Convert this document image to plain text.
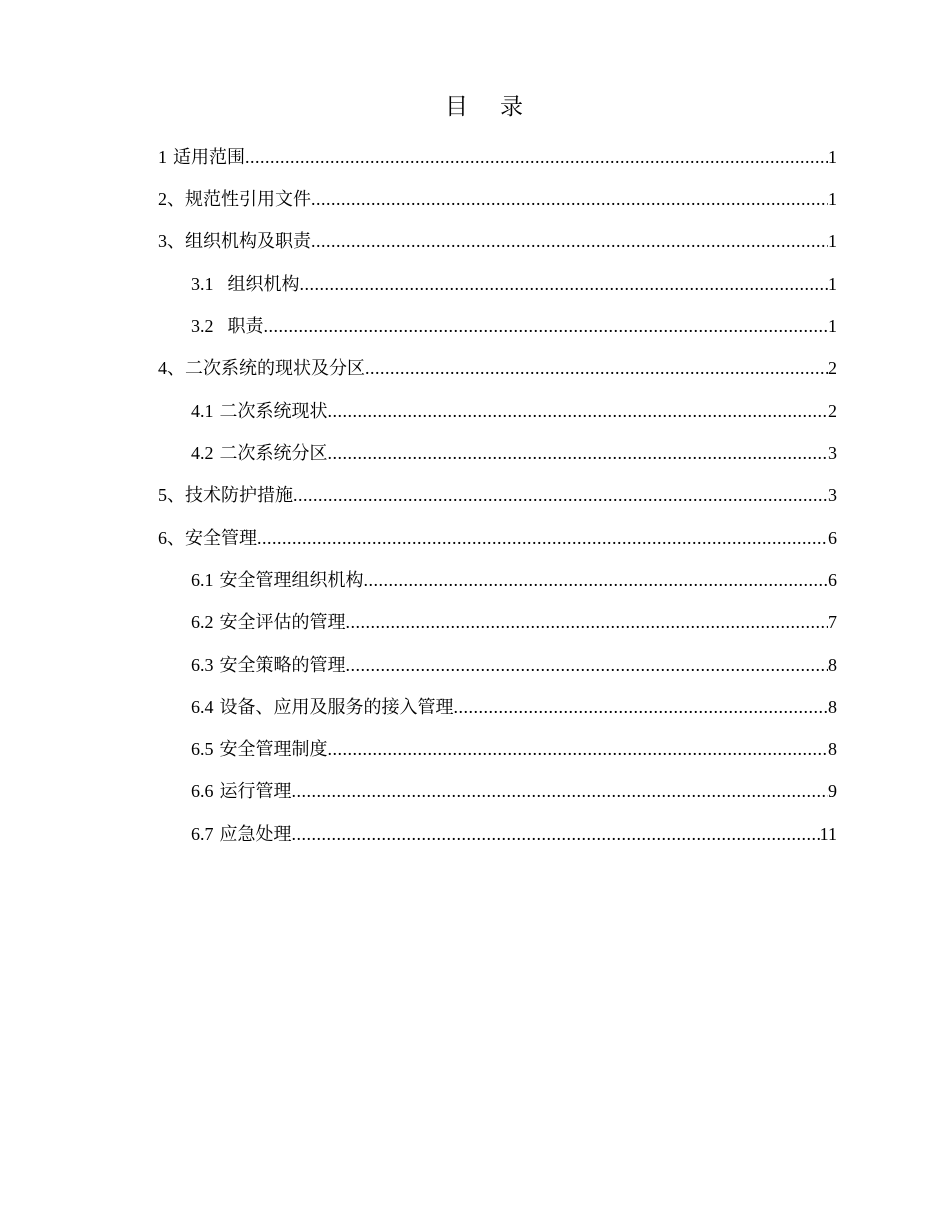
目 录
1 适用范围 .....	1
2、规范性引用文件 .....	1
3、组织机构及职责 .....	1
3.1 组织机构 .....	1
3.2 职责 .....	1
4、二次系统的现状及分区 .....	2
4.1 二次系统现状 .....	2
4.2 二次系统分区 .....	3
5、技术防护措施 .....	3
6、安全管理 .....	6
6.1 安全管理组织机构 .....	6
6.2 安全评估的管理 .....	7
6.3 安全策略的管理 .....	8
6.4 设备、应用及服务的接入管理 .....	8
6.5 安全管理制度 .....	8
6.6 运行管理 .....	9
6.7 应急处理 .....	11
